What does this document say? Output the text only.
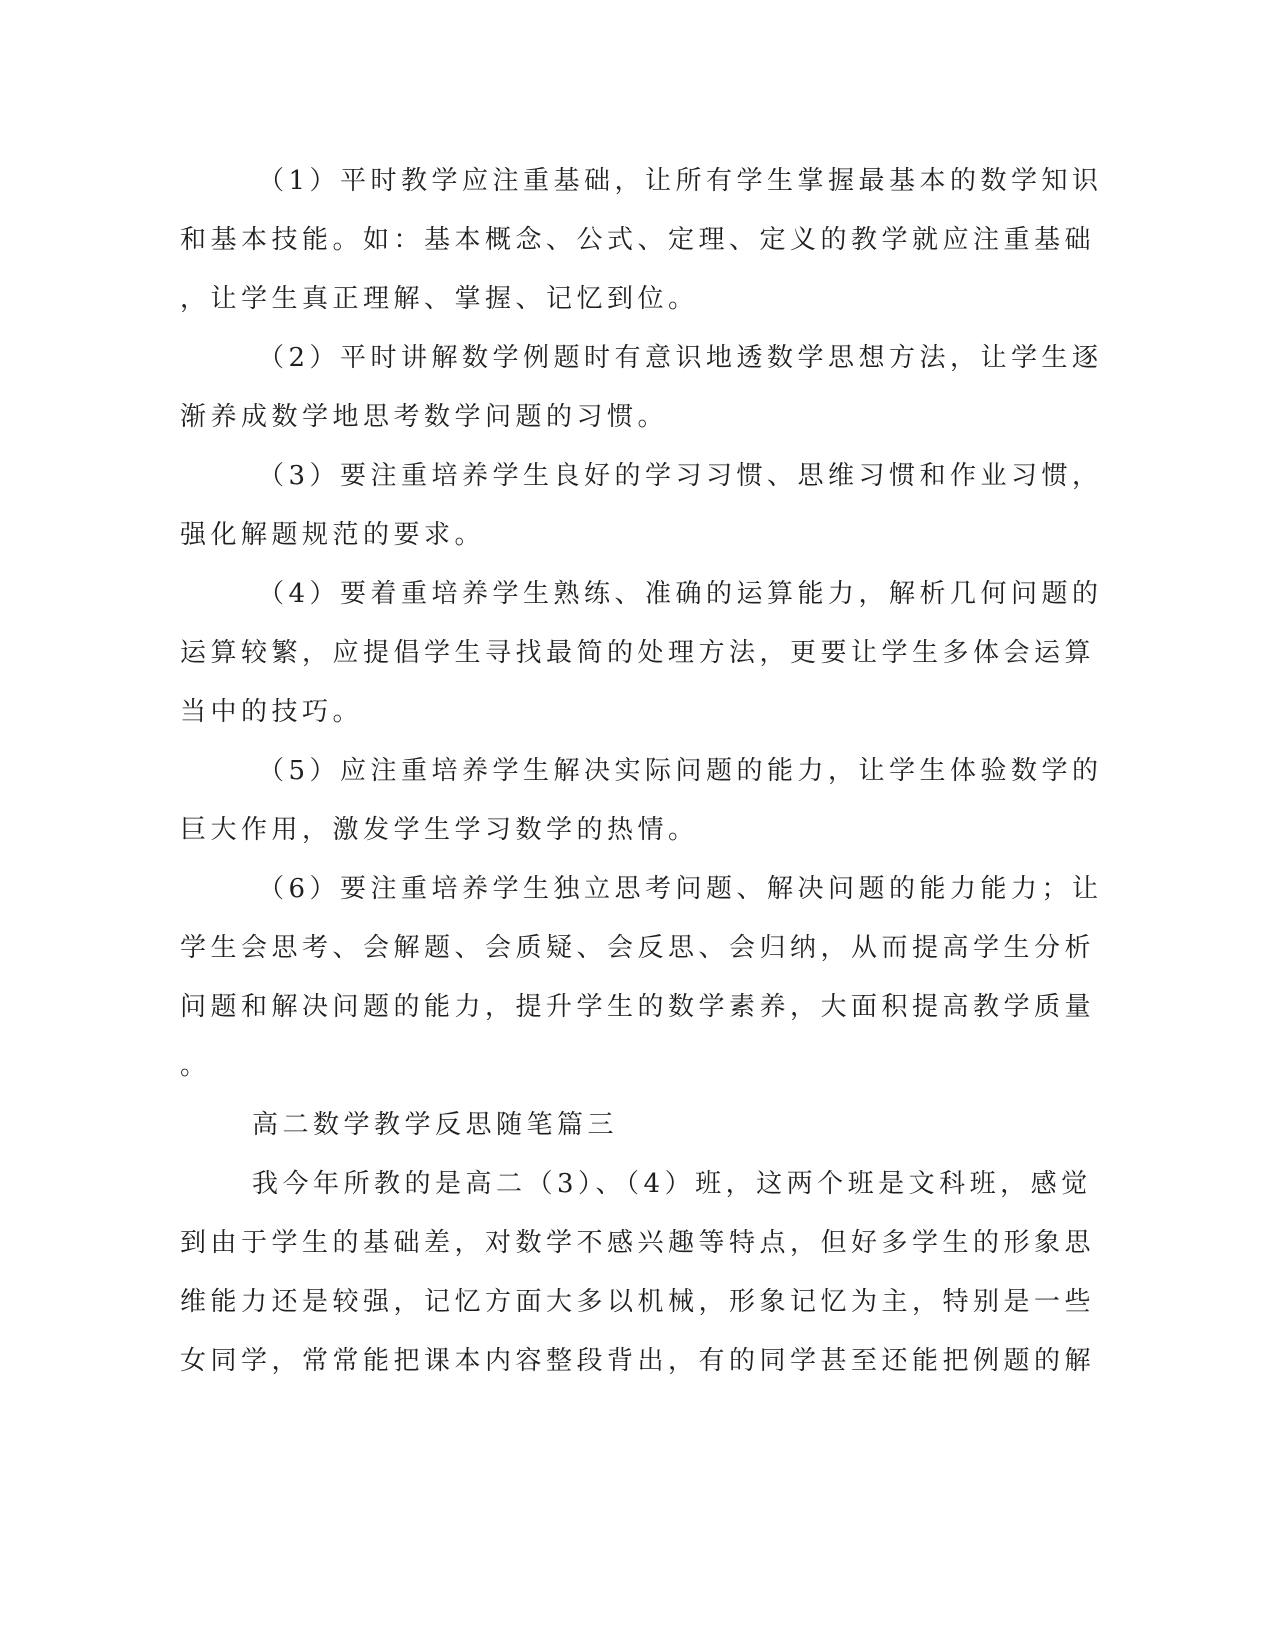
（1）平时教学应注重基础，让所有学生掌握最基本的数学知识
和基本技能。如：基本概念、公式、定理、定义的教学就应注重基础
，让学生真正理解、掌握、记忆到位。
（2）平时讲解数学例题时有意识地透数学思想方法，让学生逐
渐养成数学地思考数学问题的习惯。
（3）要注重培养学生良好的学习习惯、思维习惯和作业习惯，
强化解题规范的要求。
（4）要着重培养学生熟练、准确的运算能力，解析几何问题的
运算较繁，应提倡学生寻找最简的处理方法，更要让学生多体会运算
当中的技巧。
（5）应注重培养学生解决实际问题的能力，让学生体验数学的
巨大作用，激发学生学习数学的热情。
（6）要注重培养学生独立思考问题、解决问题的能力能力；让
学生会思考、会解题、会质疑、会反思、会归纳，从而提高学生分析
问题和解决问题的能力，提升学生的数学素养，大面积提高教学质量
。
高二数学教学反思随笔篇三
我今年所教的是高二（3）、（4）班，这两个班是文科班，感觉
到由于学生的基础差，对数学不感兴趣等特点，但好多学生的形象思
维能力还是较强，记忆方面大多以机械，形象记忆为主，特别是一些
女同学，常常能把课本内容整段背出，有的同学甚至还能把例题的解
